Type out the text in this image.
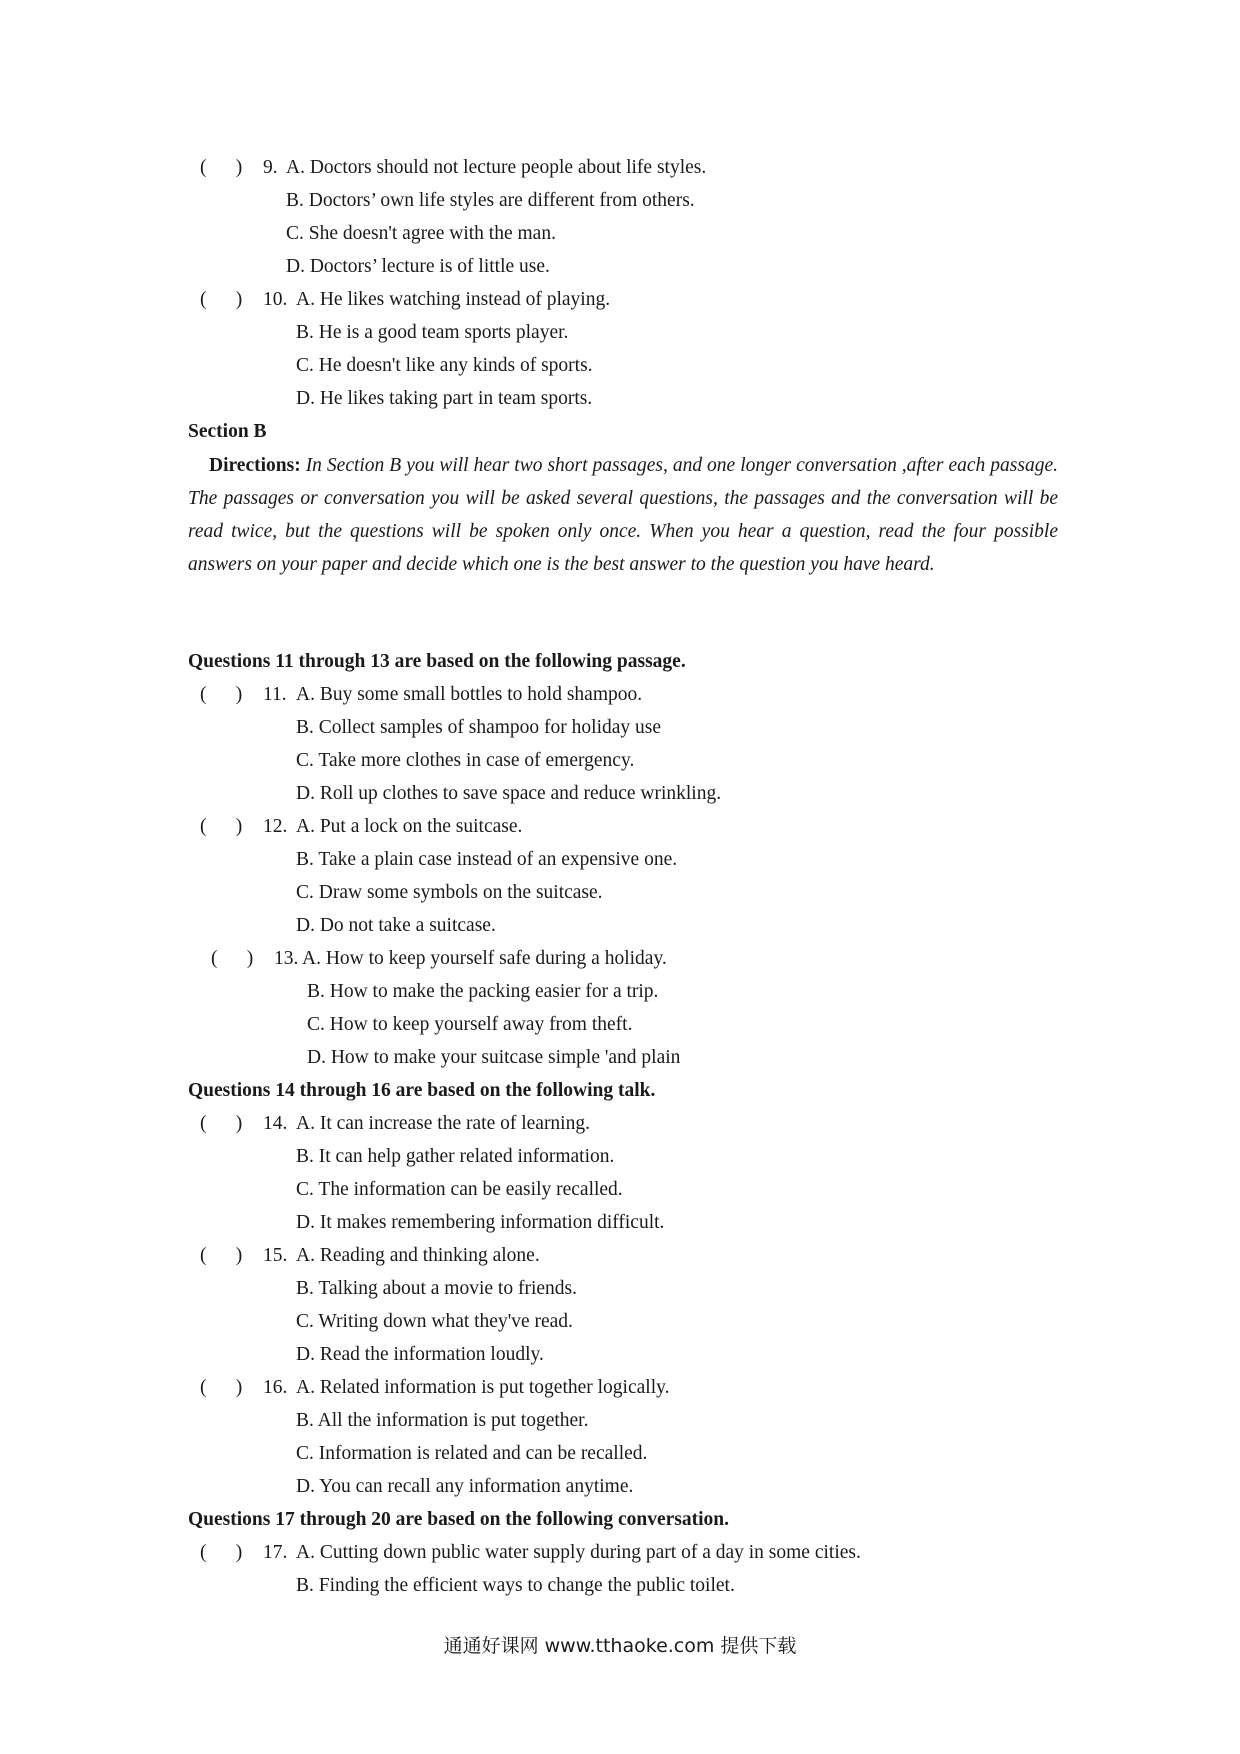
(      ) 9. A. Doctors should not lecture people about life styles.
B. Doctors’ own life styles are different from others.
C. She doesn't agree with the man.
D. Doctors’ lecture is of little use.
(      ) 10. A. He likes watching instead of playing.
B. He is a good team sports player.
C. He doesn't like any kinds of sports.
D. He likes taking part in team sports.
Section B
Directions: In Section B you will hear two short passages, and one longer conversation ,after each passage. The passages or conversation you will be asked several questions, the passages and the conversation will be read twice, but the questions will be spoken only once. When you hear a question, read the four possible answers on your paper and decide which one is the best answer to the question you have heard.
Questions 11 through 13 are based on the following passage.
(      ) 11. A. Buy some small bottles to hold shampoo.
B. Collect samples of shampoo for holiday use
C. Take more clothes in case of emergency.
D. Roll up clothes to save space and reduce wrinkling.
(      ) 12. A. Put a lock on the suitcase.
B. Take a plain case instead of an expensive one.
C. Draw some symbols on the suitcase.
D. Do not take a suitcase.
(      ) 13. A. How to keep yourself safe during a holiday.
B. How to make the packing easier for a trip.
C. How to keep yourself away from theft.
D. How to make your suitcase simple 'and plain
Questions 14 through 16 are based on the following talk.
(      ) 14. A. It can increase the rate of learning.
B. It can help gather related information.
C. The information can be easily recalled.
D. It makes remembering information difficult.
(      ) 15. A. Reading and thinking alone.
B. Talking about a movie to friends.
C. Writing down what they've read.
D. Read the information loudly.
(      ) 16. A. Related information is put together logically.
B. All the information is put together.
C. Information is related and can be recalled.
D. You can recall any information anytime.
Questions 17 through 20 are based on the following conversation.
(      ) 17. A. Cutting down public water supply during part of a day in some cities.
B. Finding the efficient ways to change the public toilet.
通通好课网 www.tthaoke.com 提供下载
